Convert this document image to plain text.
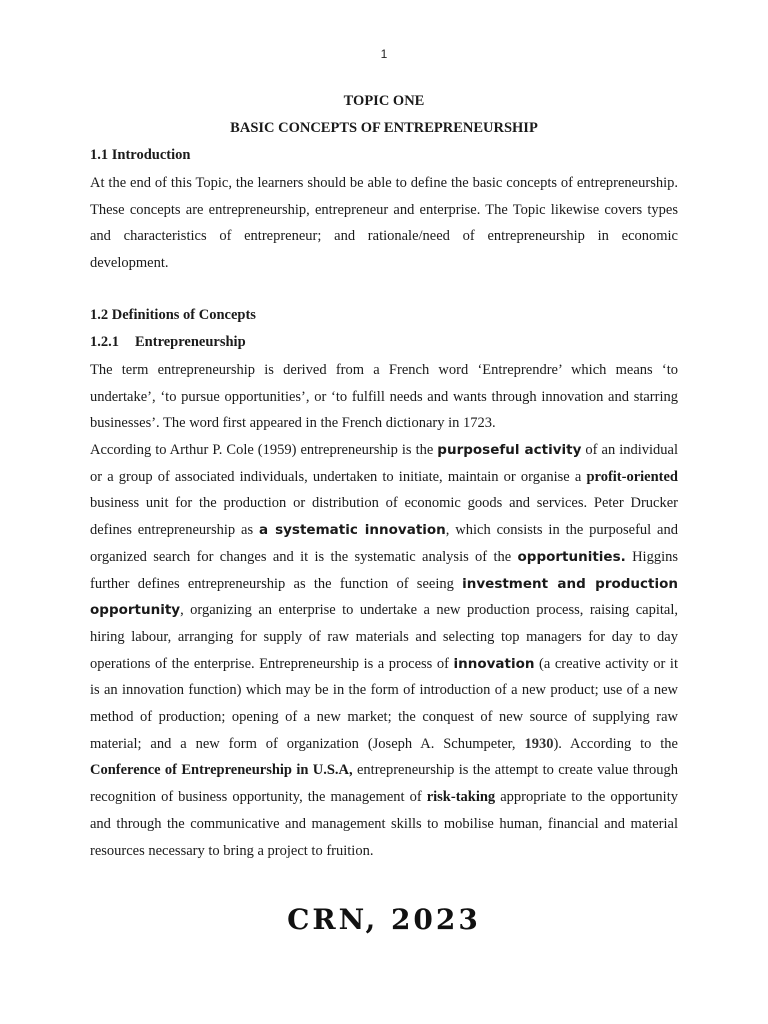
1
TOPIC ONE
BASIC CONCEPTS OF ENTREPRENEURSHIP
1.1 Introduction

At the end of this Topic, the learners should be able to define the basic concepts of entrepreneurship. These concepts are entrepreneurship, entrepreneur and enterprise. The Topic likewise covers types and characteristics of entrepreneur; and rationale/need of entrepreneurship in economic development.

1.2 Definitions of Concepts
1.2.1 Entrepreneurship

The term entrepreneurship is derived from a French word ‘Entreprendre’ which means ‘to undertake’, ‘to pursue opportunities’, or ‘to fulfill needs and wants through innovation and starring businesses’. The word first appeared in the French dictionary in 1723.

According to Arthur P. Cole (1959) entrepreneurship is the purposeful activity of an individual or a group of associated individuals, undertaken to initiate, maintain or organise a profit-oriented business unit for the production or distribution of economic goods and services. Peter Drucker defines entrepreneurship as a systematic innovation, which consists in the purposeful and organized search for changes and it is the systematic analysis of the opportunities. Higgins further defines entrepreneurship as the function of seeing investment and production opportunity, organizing an enterprise to undertake a new production process, raising capital, hiring labour, arranging for supply of raw materials and selecting top managers for day to day operations of the enterprise. Entrepreneurship is a process of innovation (a creative activity or it is an innovation function) which may be in the form of introduction of a new product; use of a new method of production; opening of a new market; the conquest of new source of supplying raw material; and a new form of organization (Joseph A. Schumpeter, 1930). According to the Conference of Entrepreneurship in U.S.A, entrepreneurship is the attempt to create value through recognition of business opportunity, the management of risk-taking appropriate to the opportunity and through the communicative and management skills to mobilise human, financial and material resources necessary to bring a project to fruition.

CRN, 2023
